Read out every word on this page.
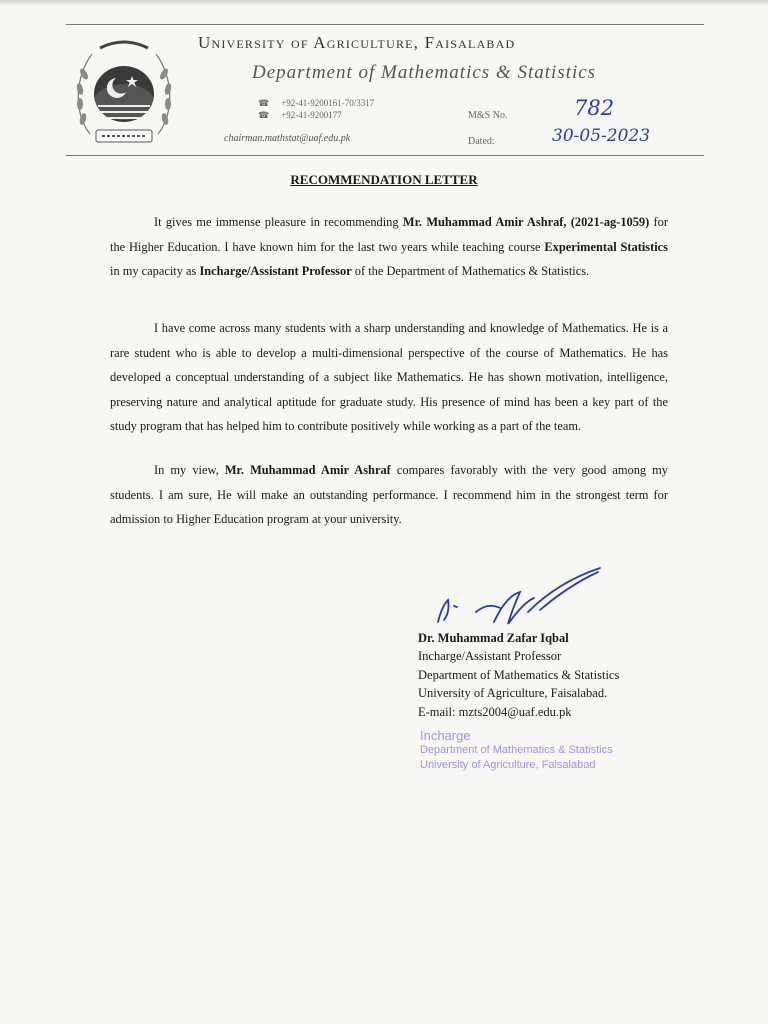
University of Agriculture, Faisalabad
Department of Mathematics & Statistics
☎ +92-41-9200161-70/3317
☎ +92-41-9200177
chairman.mathstat@uaf.edu.pk
M&S No.	782
Dated:	30-05-2023
RECOMMENDATION LETTER
It gives me immense pleasure in recommending Mr. Muhammad Amir Ashraf, (2021-ag-1059) for the Higher Education. I have known him for the last two years while teaching course Experimental Statistics in my capacity as Incharge/Assistant Professor of the Department of Mathematics & Statistics.
I have come across many students with a sharp understanding and knowledge of Mathematics. He is a rare student who is able to develop a multi-dimensional perspective of the course of Mathematics. He has developed a conceptual understanding of a subject like Mathematics. He has shown motivation, intelligence, preserving nature and analytical aptitude for graduate study. His presence of mind has been a key part of the study program that has helped him to contribute positively while working as a part of the team.
In my view, Mr. Muhammad Amir Ashraf compares favorably with the very good among my students. I am sure, He will make an outstanding performance. I recommend him in the strongest term for admission to Higher Education program at your university.
Dr. Muhammad Zafar Iqbal
Incharge/Assistant Professor
Department of Mathematics & Statistics
University of Agriculture, Faisalabad.
E-mail: mzts2004@uaf.edu.pk
Incharge
Department of Mathematics & Statistics
University of Agriculture, Faisalabad
